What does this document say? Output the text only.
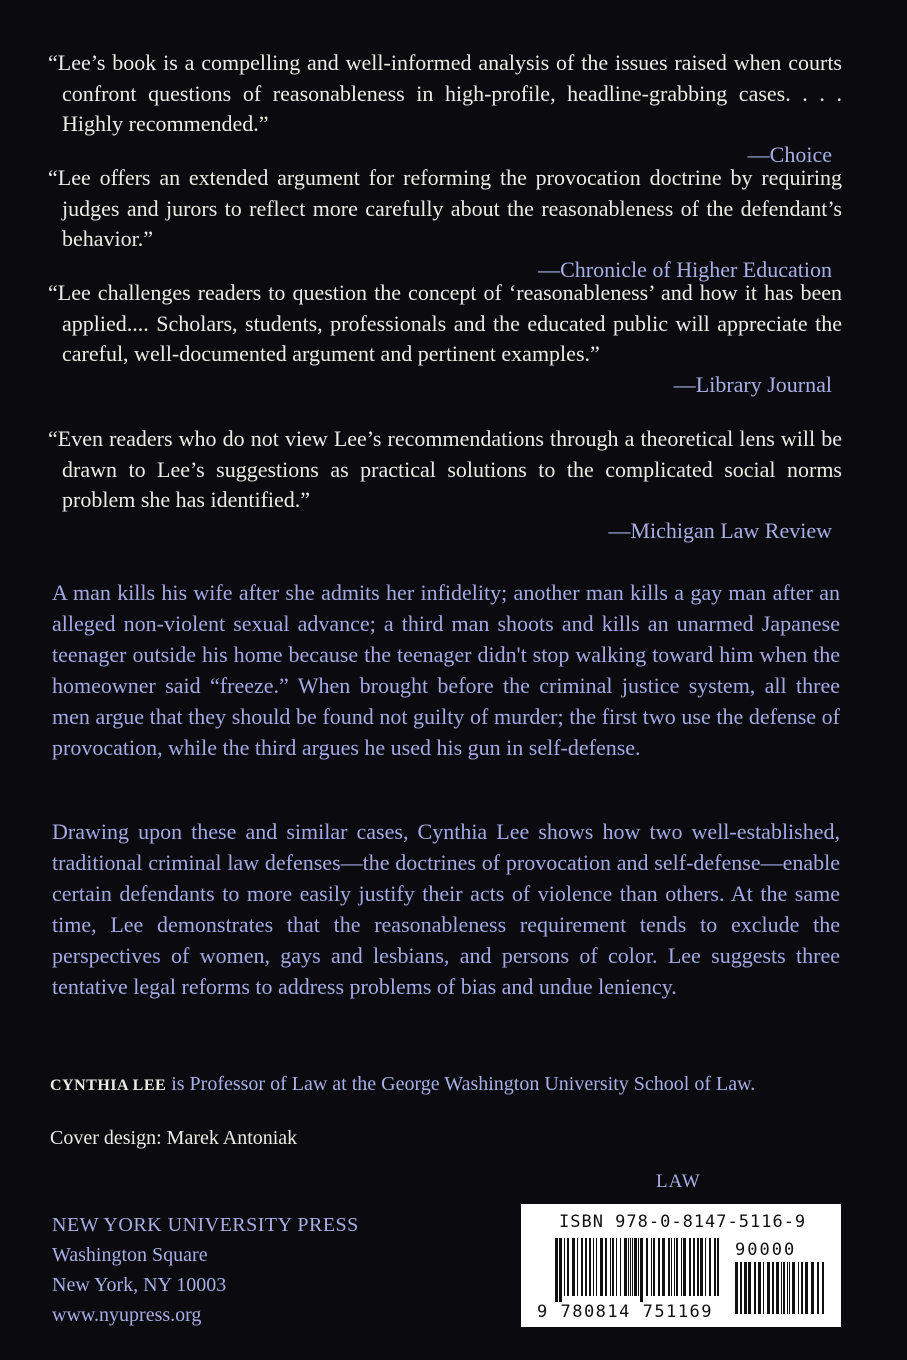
“Lee’s book is a compelling and well-informed analysis of the issues raised when courts confront questions of reasonableness in high-profile, headline-grabbing cases. . . . Highly recommended.”
—Choice
“Lee offers an extended argument for reforming the provocation doctrine by requiring judges and jurors to reflect more carefully about the reasonableness of the defendant’s behavior.”
—Chronicle of Higher Education
“Lee challenges readers to question the concept of ‘reasonableness’ and how it has been applied.... Scholars, students, professionals and the educated public will appreciate the careful, well-documented argument and pertinent examples.”
—Library Journal
“Even readers who do not view Lee’s recommendations through a theoretical lens will be drawn to Lee’s suggestions as practical solutions to the complicated social norms problem she has identified.”
—Michigan Law Review

A man kills his wife after she admits her infidelity; another man kills a gay man after an alleged non-violent sexual advance; a third man shoots and kills an unarmed Japanese teenager outside his home because the teenager didn't stop walking toward him when the homeowner said “freeze.” When brought before the criminal justice system, all three men argue that they should be found not guilty of murder; the first two use the defense of provocation, while the third argues he used his gun in self-defense.

Drawing upon these and similar cases, Cynthia Lee shows how two well-established, traditional criminal law defenses—the doctrines of provocation and self-defense—enable certain defendants to more easily justify their acts of violence than others. At the same time, Lee demonstrates that the reasonableness requirement tends to exclude the perspectives of women, gays and lesbians, and persons of color. Lee suggests three tentative legal reforms to address problems of bias and undue leniency.

CYNTHIA LEE is Professor of Law at the George Washington University School of Law.
Cover design: Marek Antoniak
LAW
NEW YORK UNIVERSITY PRESS
Washington Square
New York, NY 10003
www.nyupress.org
ISBN 978-0-8147-5116-9
90000
9 780814 751169
